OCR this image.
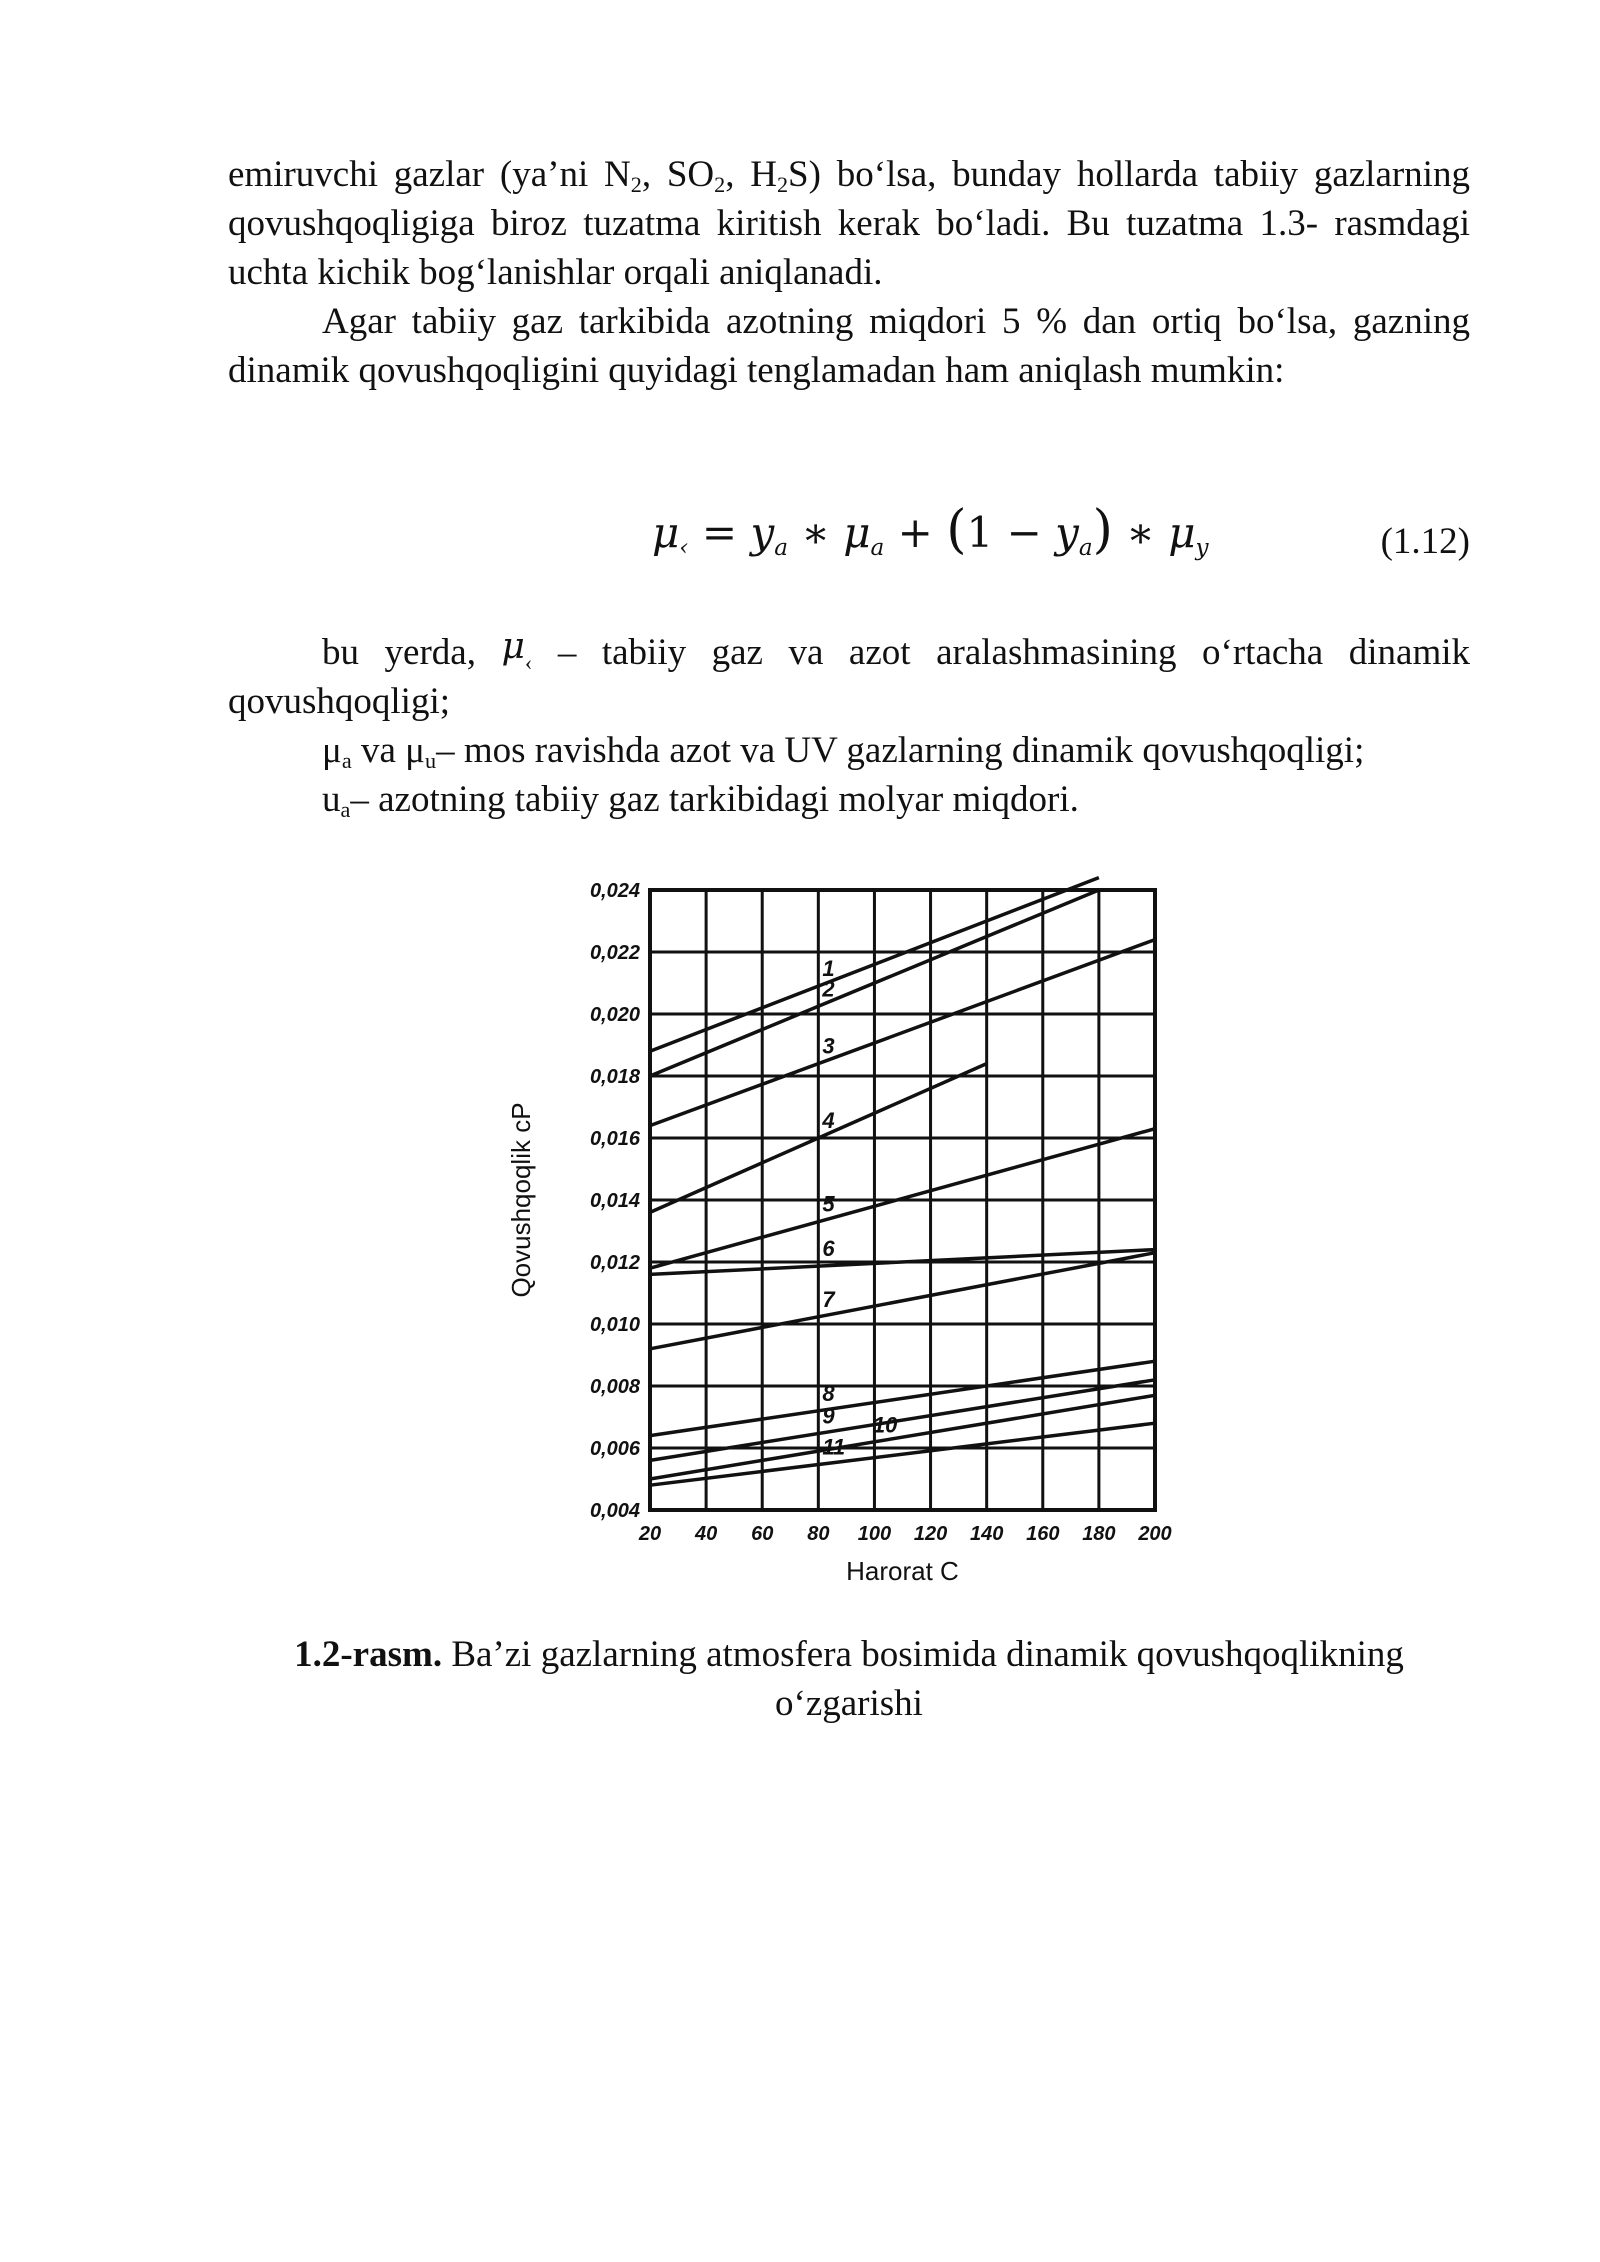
emiruvchi gazlar (ya’ni $N_2$, $SO_2$, $H_2S$) bo‘lsa, bunday hollarda tabiiy gazlarning qovushqoqligiga biroz tuzatma kiritish kerak bo‘ladi. Bu tuzatma 1.3- rasmdagi uchta kichik bog‘lanishlar orqali aniqlanadi.

Agar tabiiy gaz tarkibida azotning miqdori 5 % dan ortiq bo‘lsa, gazning dinamik qovushqoqligini quyidagi tenglamadan ham aniqlash mumkin:

$\mu_‹ = y_a$ ∗ $\mu_a + (1 - y_a)$ ∗ $\mu_y$	(1.12)

bu yerda, $\mu_‹$ – tabiiy gaz va azot aralashmasining o‘rtacha dinamik qovushqoqligi;

$\mu_a$ va $\mu_u-$ mos ravishda azot va UV gazlarning dinamik qovushqoqligi;

$u_a-$ azotning tabiiy gaz tarkibidagi molyar miqdori.

0,004
0,006
0,008
0,010
0,012
0,014
0,016
0,018
0,020
0,022
0,024
20 40 60 80 100 120 140 160 180 200
Harorat C
Qovushqoqlik cP
1
2
3
4
5
6
7
8
9 10
11
1.2-rasm. Ba’zi gazlarning atmosfera bosimida dinamik qovushqoqlikning o‘zgarishi
